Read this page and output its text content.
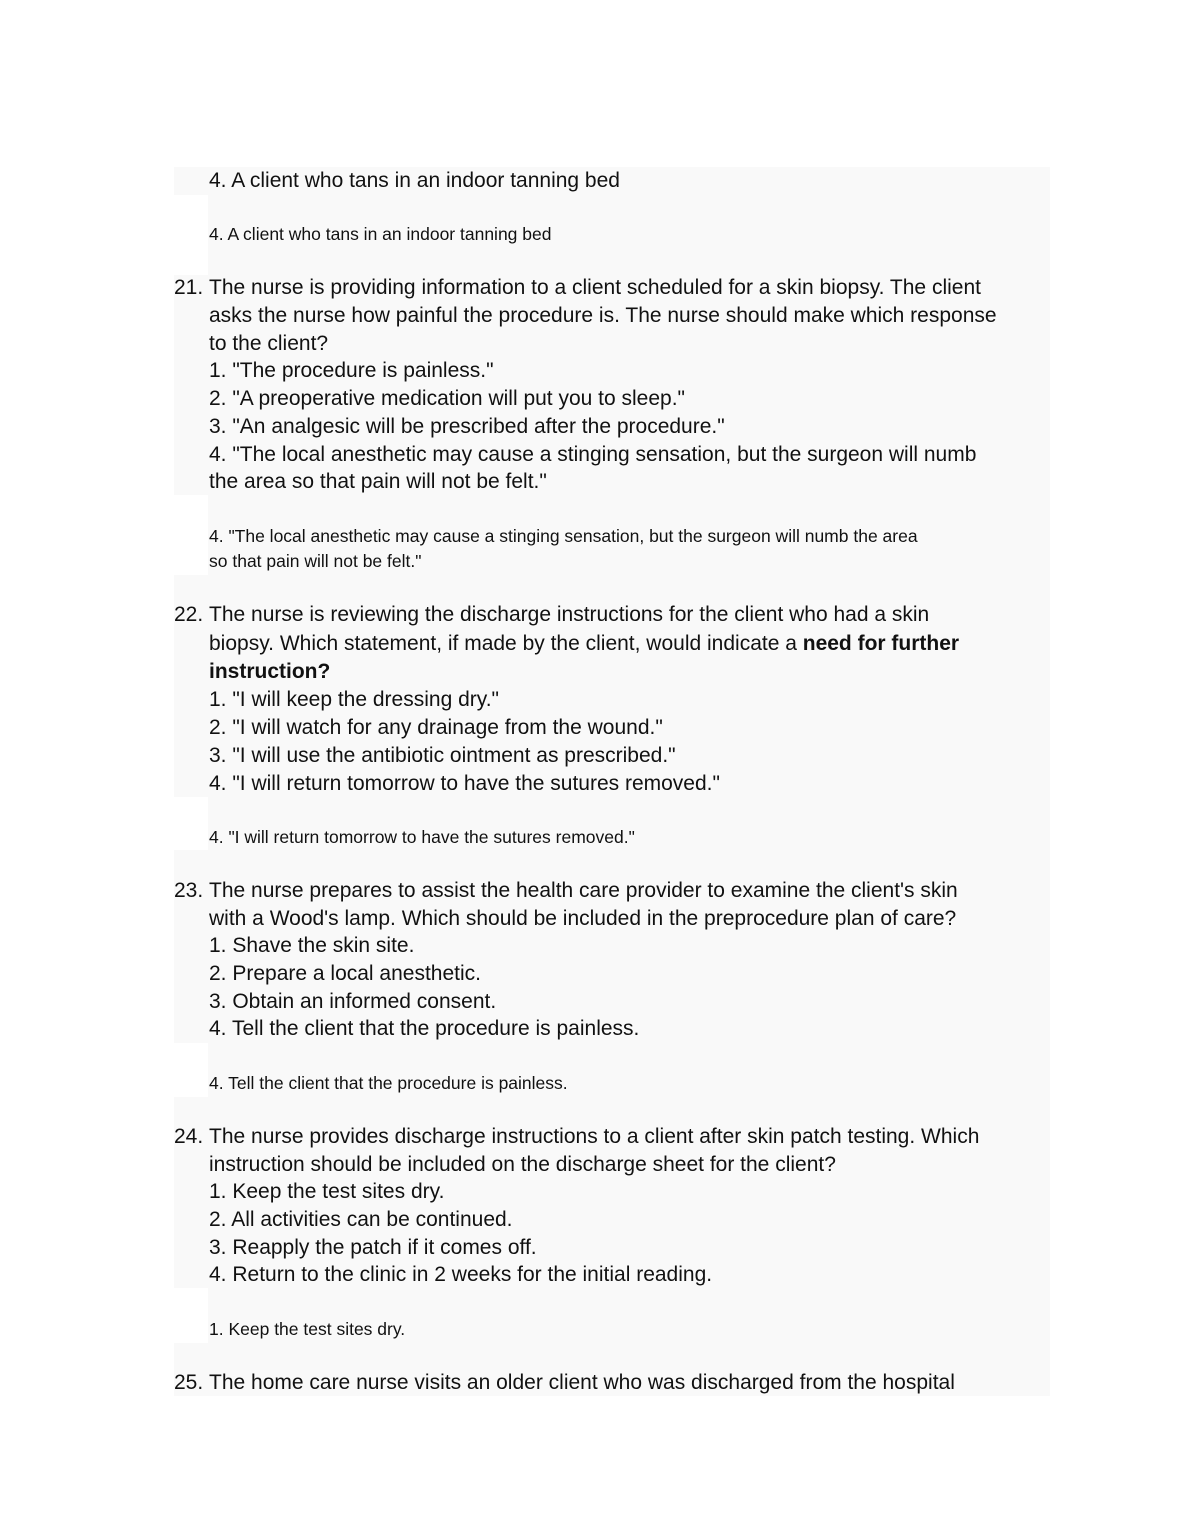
4. A client who tans in an indoor tanning bed
4. A client who tans in an indoor tanning bed
21. The nurse is providing information to a client scheduled for a skin biopsy. The client
asks the nurse how painful the procedure is. The nurse should make which response
to the client?
1. "The procedure is painless."
2. "A preoperative medication will put you to sleep."
3. "An analgesic will be prescribed after the procedure."
4. "The local anesthetic may cause a stinging sensation, but the surgeon will numb
the area so that pain will not be felt."
4. "The local anesthetic may cause a stinging sensation, but the surgeon will numb the area
so that pain will not be felt."
22. The nurse is reviewing the discharge instructions for the client who had a skin
biopsy. Which statement, if made by the client, would indicate a need for further
instruction?
1. "I will keep the dressing dry."
2. "I will watch for any drainage from the wound."
3. "I will use the antibiotic ointment as prescribed."
4. "I will return tomorrow to have the sutures removed."
4. "I will return tomorrow to have the sutures removed."
23. The nurse prepares to assist the health care provider to examine the client's skin
with a Wood's lamp. Which should be included in the preprocedure plan of care?
1. Shave the skin site.
2. Prepare a local anesthetic.
3. Obtain an informed consent.
4. Tell the client that the procedure is painless.
4. Tell the client that the procedure is painless.
24. The nurse provides discharge instructions to a client after skin patch testing. Which
instruction should be included on the discharge sheet for the client?
1. Keep the test sites dry.
2. All activities can be continued.
3. Reapply the patch if it comes off.
4. Return to the clinic in 2 weeks for the initial reading.
1. Keep the test sites dry.
25. The home care nurse visits an older client who was discharged from the hospital
